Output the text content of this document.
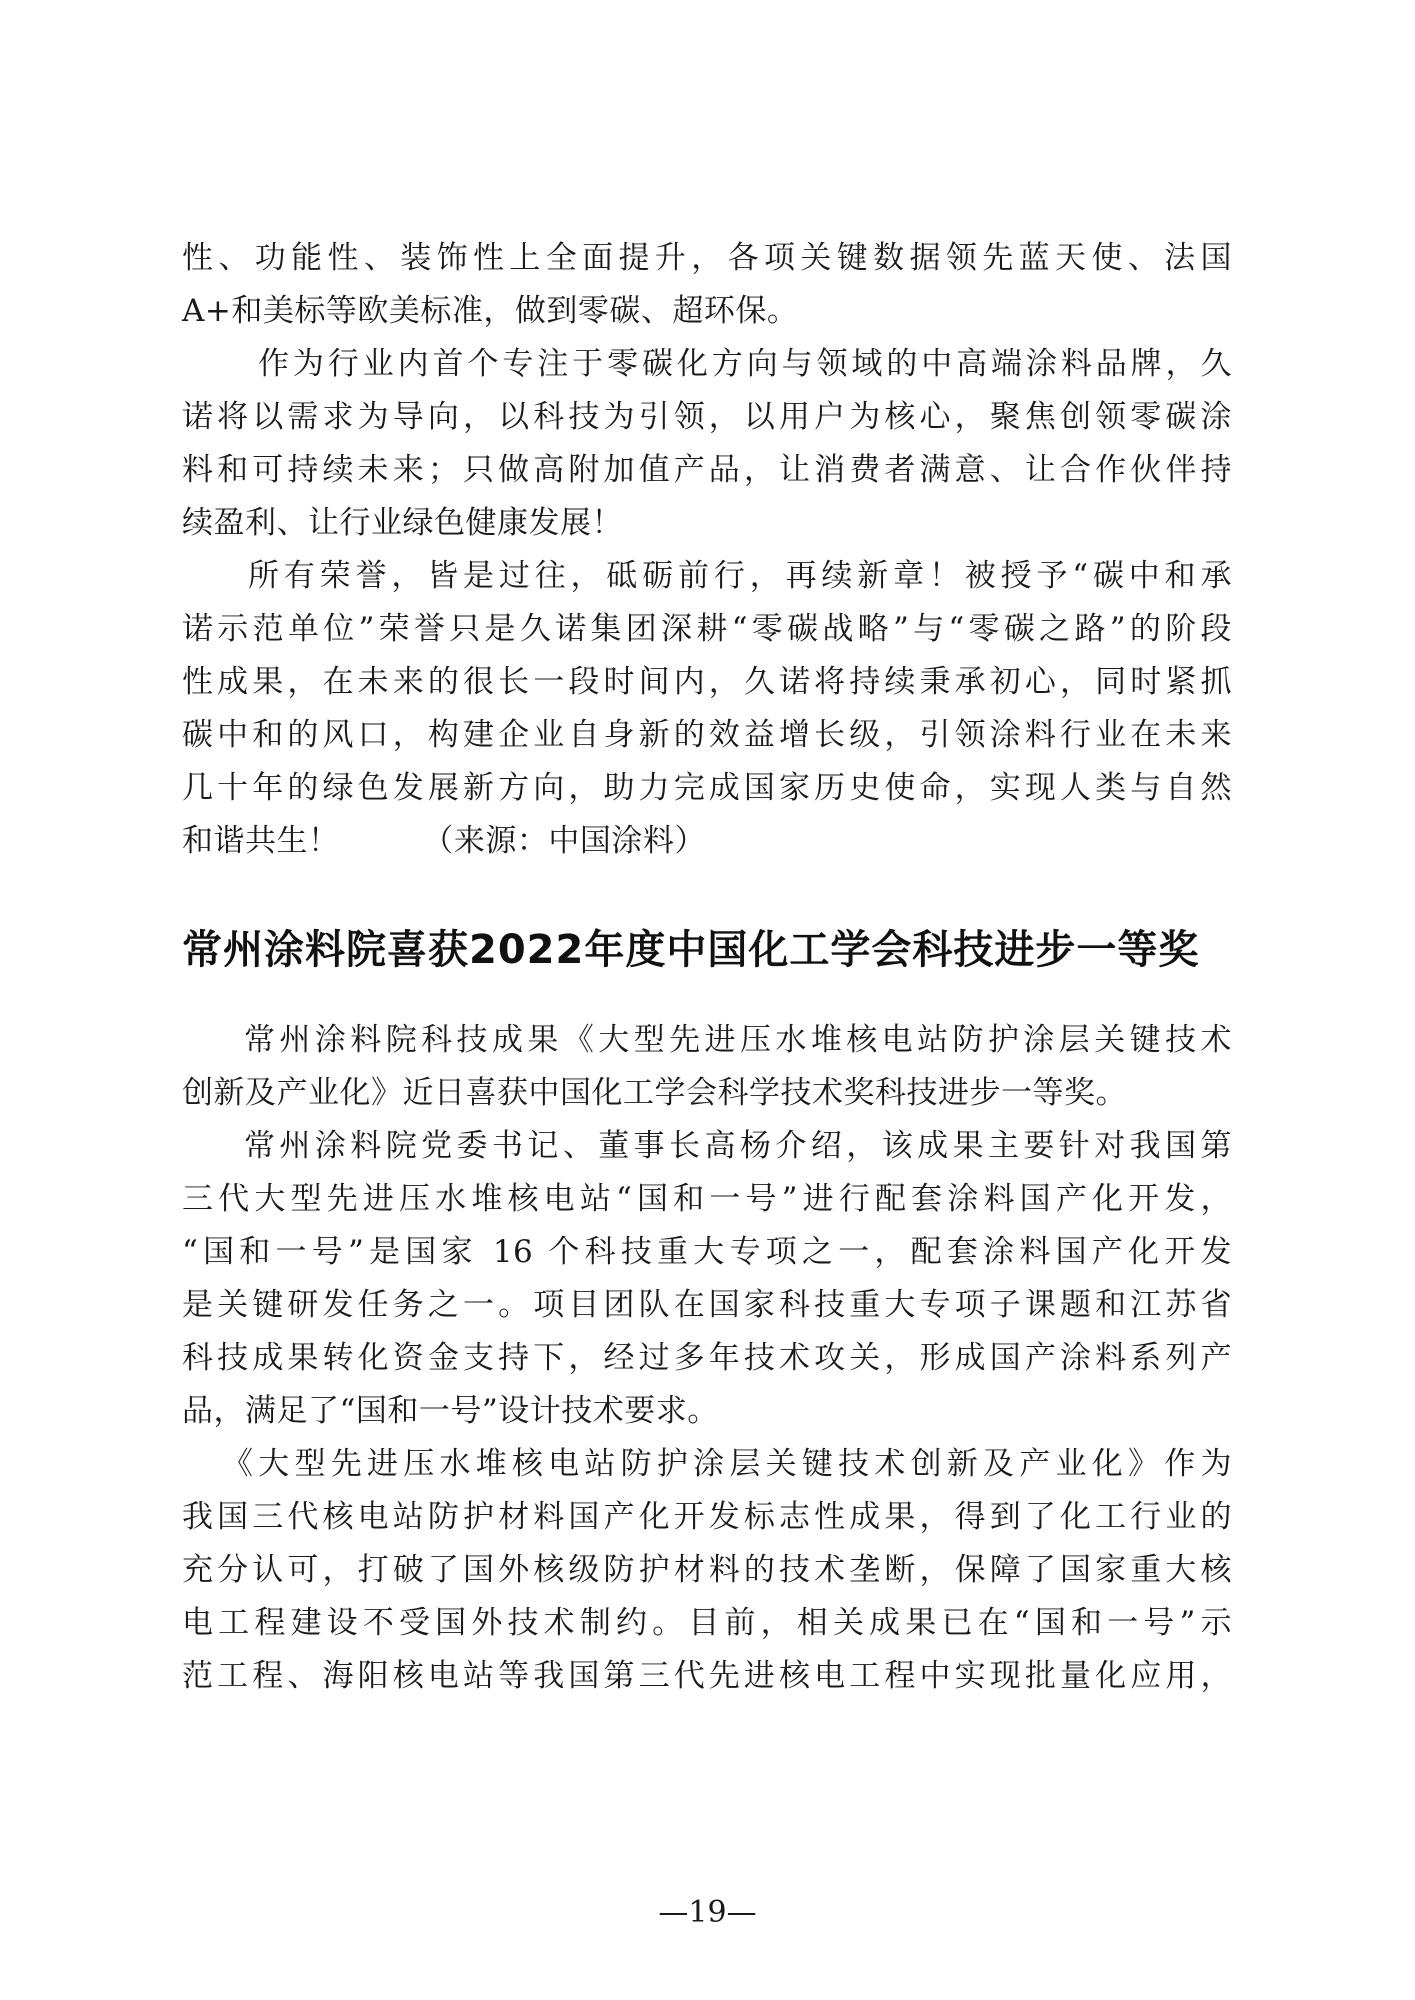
性、功能性、装饰性上全面提升，各项关键数据领先蓝天使、法国
A+和美标等欧美标准，做到零碳、超环保。
作为行业内首个专注于零碳化方向与领域的中高端涂料品牌，久
诺将以需求为导向，以科技为引领，以用户为核心，聚焦创领零碳涂
料和可持续未来；只做高附加值产品，让消费者满意、让合作伙伴持
续盈利、让行业绿色健康发展！
所有荣誉，皆是过往，砥砺前行，再续新章！被授予“碳中和承
诺示范单位”荣誉只是久诺集团深耕“零碳战略”与“零碳之路”的阶段
性成果，在未来的很长一段时间内，久诺将持续秉承初心，同时紧抓
碳中和的风口，构建企业自身新的效益增长级，引领涂料行业在未来
几十年的绿色发展新方向，助力完成国家历史使命，实现人类与自然
和谐共生！        （来源：中国涂料）
常州涂料院喜获2022年度中国化工学会科技进步一等奖
常州涂料院科技成果《大型先进压水堆核电站防护涂层关键技术
创新及产业化》近日喜获中国化工学会科学技术奖科技进步一等奖。
常州涂料院党委书记、董事长高杨介绍，该成果主要针对我国第
三代大型先进压水堆核电站“国和一号”进行配套涂料国产化开发，
“国和一号”是国家 16 个科技重大专项之一，配套涂料国产化开发
是关键研发任务之一。项目团队在国家科技重大专项子课题和江苏省
科技成果转化资金支持下，经过多年技术攻关，形成国产涂料系列产
品，满足了“国和一号”设计技术要求。
《大型先进压水堆核电站防护涂层关键技术创新及产业化》作为
我国三代核电站防护材料国产化开发标志性成果，得到了化工行业的
充分认可，打破了国外核级防护材料的技术垄断，保障了国家重大核
电工程建设不受国外技术制约。目前，相关成果已在“国和一号”示
范工程、海阳核电站等我国第三代先进核电工程中实现批量化应用，
—19—
